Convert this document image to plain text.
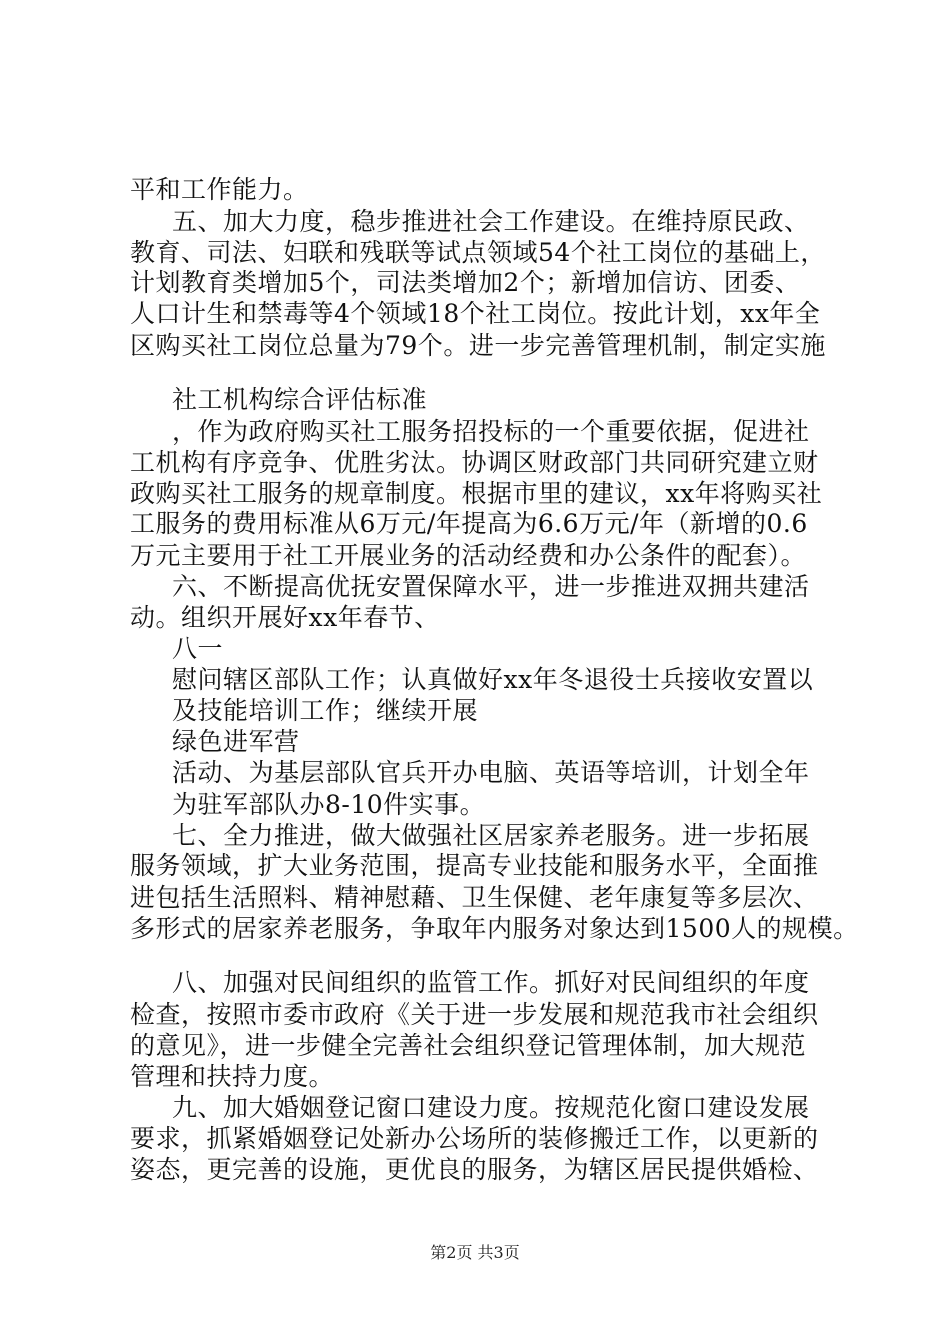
平和工作能力。
五、加大力度，稳步推进社会工作建设。在维持原民政、
教育、司法、妇联和残联等试点领域54个社工岗位的基础上，
计划教育类增加5个，司法类增加2个；新增加信访、团委、
人口计生和禁毒等4个领域18个社工岗位。按此计划，xx年全
区购买社工岗位总量为79个。进一步完善管理机制，制定实施
社工机构综合评估标准
，作为政府购买社工服务招投标的一个重要依据，促进社
工机构有序竞争、优胜劣汰。协调区财政部门共同研究建立财
政购买社工服务的规章制度。根据市里的建议，xx年将购买社
工服务的费用标准从6万元/年提高为6.6万元/年（新增的0.6
万元主要用于社工开展业务的活动经费和办公条件的配套）。
六、不断提高优抚安置保障水平，进一步推进双拥共建活
动。组织开展好xx年春节、
八一
慰问辖区部队工作；认真做好xx年冬退役士兵接收安置以
及技能培训工作；继续开展
绿色进军营
活动、为基层部队官兵开办电脑、英语等培训，计划全年
为驻军部队办8-10件实事。
七、全力推进，做大做强社区居家养老服务。进一步拓展
服务领域，扩大业务范围，提高专业技能和服务水平，全面推
进包括生活照料、精神慰藉、卫生保健、老年康复等多层次、
多形式的居家养老服务，争取年内服务对象达到1500人的规模。
八、加强对民间组织的监管工作。抓好对民间组织的年度
检查，按照市委市政府《关于进一步发展和规范我市社会组织
的意见》，进一步健全完善社会组织登记管理体制，加大规范
管理和扶持力度。
九、加大婚姻登记窗口建设力度。按规范化窗口建设发展
要求，抓紧婚姻登记处新办公场所的装修搬迁工作，以更新的
姿态，更完善的设施，更优良的服务，为辖区居民提供婚检、
第2页 共3页
